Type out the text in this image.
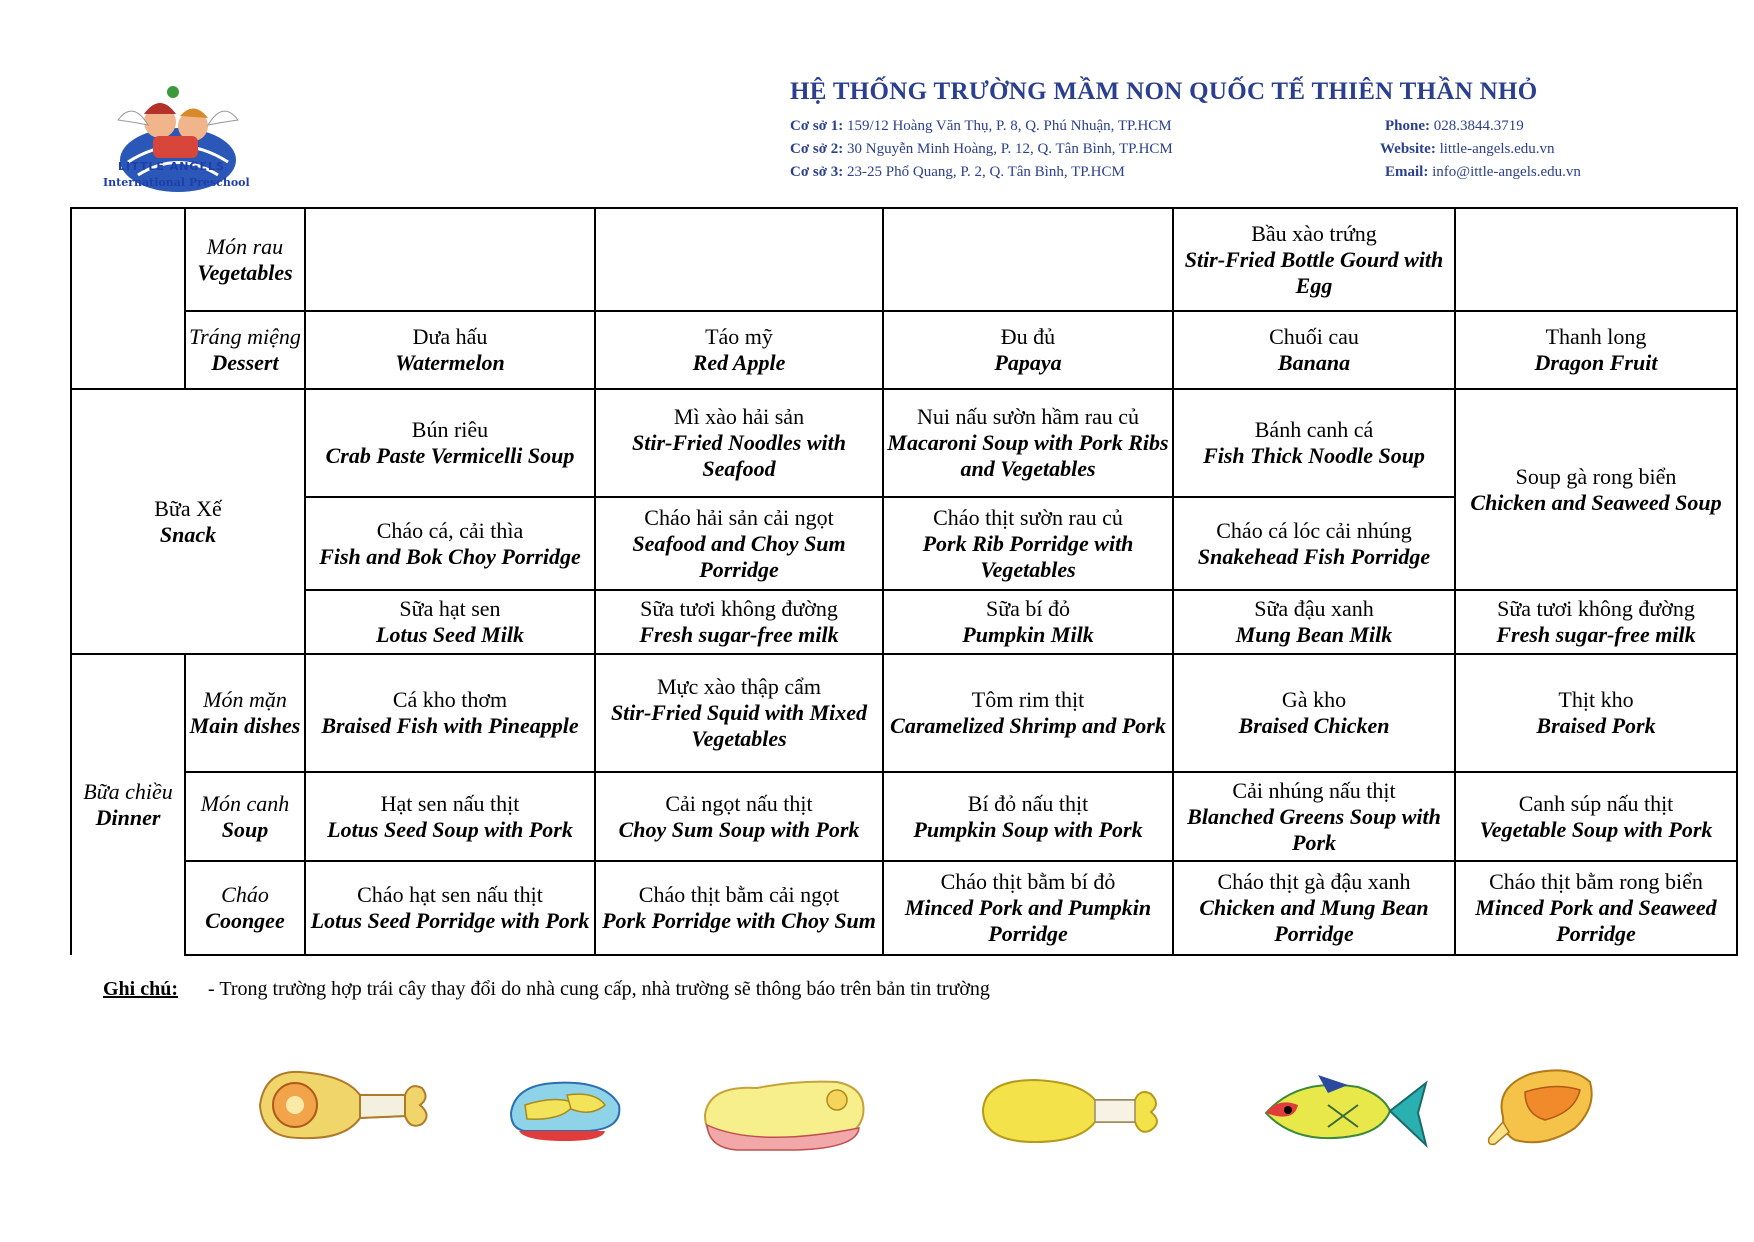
LITTLE ANGELS
International Preschool
HỆ THỐNG TRƯỜNG MẦM NON QUỐC TẾ THIÊN THẦN NHỎ
Cơ sở 1: 159/12 Hoàng Văn Thụ, P. 8, Q. Phú Nhuận, TP.HCM
Cơ sở 2: 30 Nguyễn Minh Hoàng, P. 12, Q. Tân Bình, TP.HCM
Cơ sở 3: 23-25 Phổ Quang, P. 2, Q. Tân Bình, TP.HCM
Phone: 028.3844.3719
Website: little-angels.edu.vn
Email: info@ittle-angels.edu.vn

	Món rau
Vegetables				Bầu xào trứng
Stir-Fried Bottle Gourd with Egg	

	Tráng miệng
Dessert	Dưa hấu
Watermelon	Táo mỹ
Red Apple	Đu đủ
Papaya	Chuối cau
Banana	Thanh long
Dragon Fruit

Bữa Xế
Snack		Bún riêu
Crab Paste Vermicelli Soup	Mì xào hải sản
Stir-Fried Noodles with Seafood	Nui nấu sườn hầm rau củ
Macaroni Soup with Pork Ribs and Vegetables	Bánh canh cá
Fish Thick Noodle Soup	Soup gà rong biển
Chicken and Seaweed Soup

		Cháo cá, cải thìa
Fish and Bok Choy Porridge	Cháo hải sản cải ngọt
Seafood and Choy Sum Porridge	Cháo thịt sườn rau củ
Pork Rib Porridge with Vegetables	Cháo cá lóc cải nhúng
Snakehead Fish Porridge	

		Sữa hạt sen
Lotus Seed Milk	Sữa tươi không đường
Fresh sugar-free milk	Sữa bí đỏ
Pumpkin Milk	Sữa đậu xanh
Mung Bean Milk	Sữa tươi không đường
Fresh sugar-free milk

Bữa chiều
Dinner	Món mặn
Main dishes	Cá kho thơm
Braised Fish with Pineapple	Mực xào thập cẩm
Stir-Fried Squid with Mixed Vegetables	Tôm rim thịt
Caramelized Shrimp and Pork	Gà kho
Braised Chicken	Thịt kho
Braised Pork

	Món canh
Soup	Hạt sen nấu thịt
Lotus Seed Soup with Pork	Cải ngọt nấu thịt
Choy Sum Soup with Pork	Bí đỏ nấu thịt
Pumpkin Soup with Pork	Cải nhúng nấu thịt
Blanched Greens Soup with Pork	Canh súp nấu thịt
Vegetable Soup with Pork

	Cháo
Coongee	Cháo hạt sen nấu thịt
Lotus Seed Porridge with Pork	Cháo thịt bằm cải ngọt
Pork Porridge with Choy Sum	Cháo thịt bằm bí đỏ
Minced Pork and Pumpkin Porridge	Cháo thịt gà đậu xanh
Chicken and Mung Bean Porridge	Cháo thịt bằm rong biển
Minced Pork and Seaweed Porridge
Ghi chú: - Trong trường hợp trái cây thay đổi do nhà cung cấp, nhà trường sẽ thông báo trên bản tin trường
